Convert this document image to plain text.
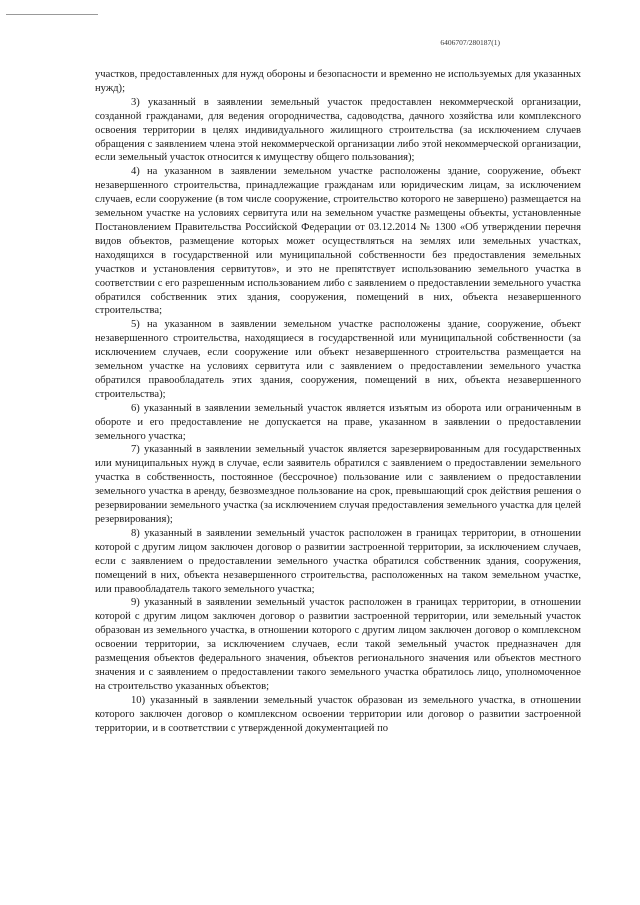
6406707/280187(1)

участков, предоставленных для нужд обороны и безопасности и временно не используемых для указанных нужд);

3) указанный в заявлении земельный участок предоставлен некоммерческой организации, созданной гражданами, для ведения огородничества, садоводства, дачного хозяйства или комплексного освоения территории в целях индивидуального жилищного строительства (за исключением случаев обращения с заявлением члена этой некоммерческой организации либо этой некоммерческой организации, если земельный участок относится к имуществу общего пользования);

4) на указанном в заявлении земельном участке расположены здание, сооружение, объект незавершенного строительства, принадлежащие гражданам или юридическим лицам, за исключением случаев, если сооружение (в том числе сооружение, строительство которого не завершено) размещается на земельном участке на условиях сервитута или на земельном участке размещены объекты, установленные Постановлением Правительства Российской Федерации от 03.12.2014 № 1300 «Об утверждении перечня видов объектов, размещение которых может осуществляться на землях или земельных участках, находящихся в государственной или муниципальной собственности без предоставления земельных участков и установления сервитутов», и это не препятствует использованию земельного участка в соответствии с его разрешенным использованием либо с заявлением о предоставлении земельного участка обратился собственник этих здания, сооружения, помещений в них, объекта незавершенного строительства;

5) на указанном в заявлении земельном участке расположены здание, сооружение, объект незавершенного строительства, находящиеся в государственной или муниципальной собственности (за исключением случаев, если сооружение или объект незавершенного строительства размещается на земельном участке на условиях сервитута или с заявлением о предоставлении земельного участка обратился правообладатель этих здания, сооружения, помещений в них, объекта незавершенного строительства);

6) указанный в заявлении земельный участок является изъятым из оборота или ограниченным в обороте и его предоставление не допускается на праве, указанном в заявлении о предоставлении земельного участка;

7) указанный в заявлении земельный участок является зарезервированным для государственных или муниципальных нужд в случае, если заявитель обратился с заявлением о предоставлении земельного участка в собственность, постоянное (бессрочное) пользование или с заявлением о предоставлении земельного участка в аренду, безвозмездное пользование на срок, превышающий срок действия решения о резервировании земельного участка (за исключением случая предоставления земельного участка для целей резервирования);

8) указанный в заявлении земельный участок расположен в границах территории, в отношении которой с другим лицом заключен договор о развитии застроенной территории, за исключением случаев, если с заявлением о предоставлении земельного участка обратился собственник здания, сооружения, помещений в них, объекта незавершенного строительства, расположенных на таком земельном участке, или правообладатель такого земельного участка;

9) указанный в заявлении земельный участок расположен в границах территории, в отношении которой с другим лицом заключен договор о развитии застроенной территории, или земельный участок образован из земельного участка, в отношении которого с другим лицом заключен договор о комплексном освоении территории, за исключением случаев, если такой земельный участок предназначен для размещения объектов федерального значения, объектов регионального значения или объектов местного значения и с заявлением о предоставлении такого земельного участка обратилось лицо, уполномоченное на строительство указанных объектов;

10) указанный в заявлении земельный участок образован из земельного участка, в отношении которого заключен договор о комплексном освоении территории или договор о развитии застроенной территории, и в соответствии с утвержденной документацией по
